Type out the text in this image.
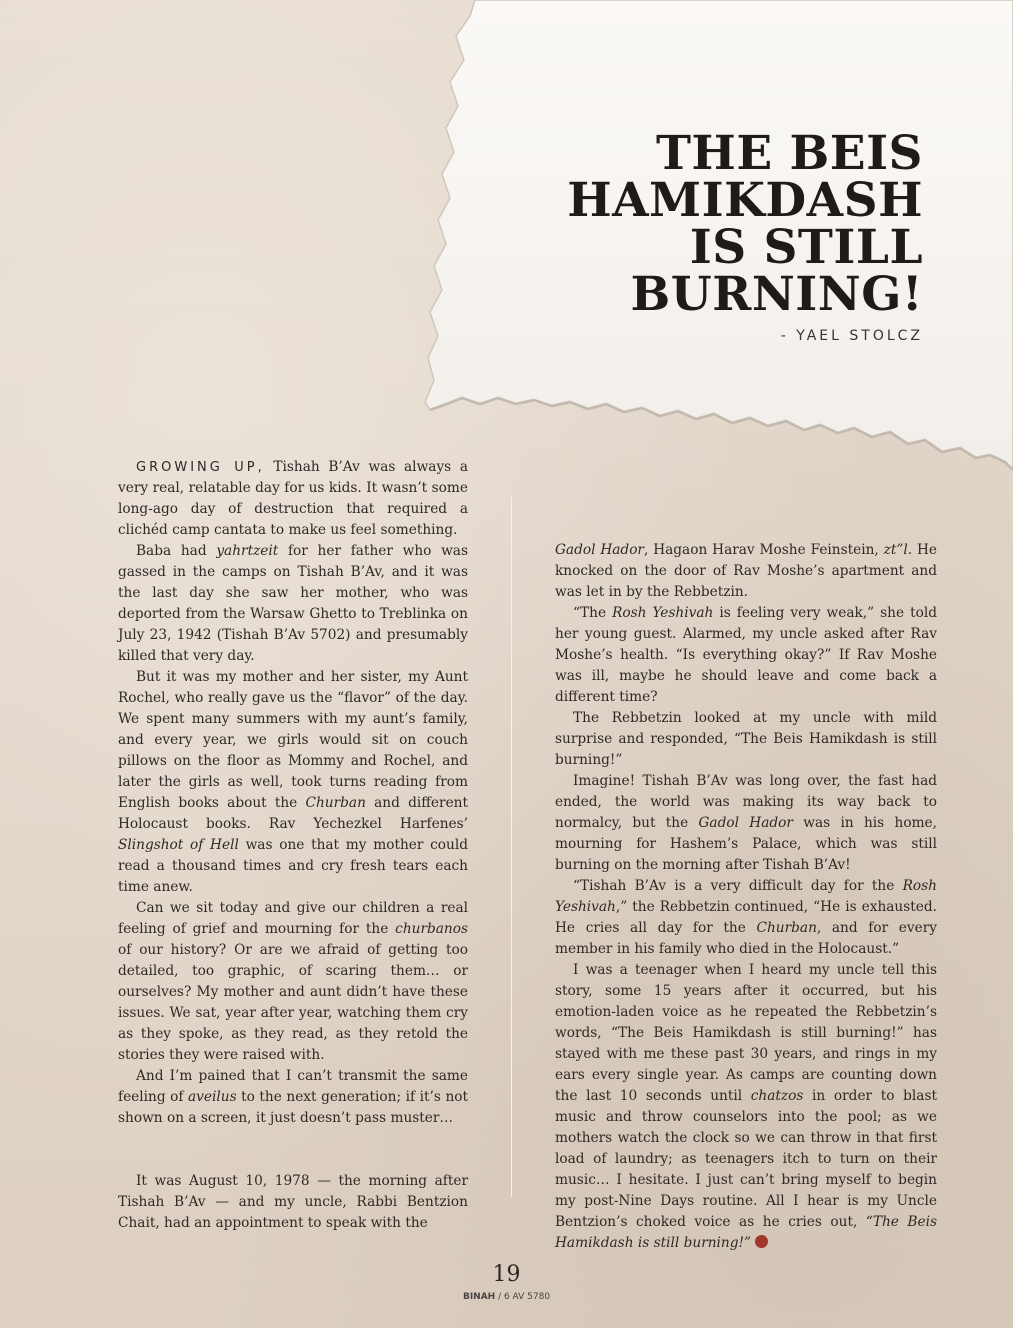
THE BEIS
HAMIKDASH
IS STILL
BURNING!
- YAEL STOLCZ

GROWING UP, Tishah B’Av was always a very real, relatable day for us kids. It wasn’t some long-ago day of destruction that required a clichéd camp cantata to make us feel something.

Baba had yahrtzeit for her father who was gassed in the camps on Tishah B’Av, and it was the last day she saw her mother, who was deported from the Warsaw Ghetto to Treblinka on July 23, 1942 (Tishah B’Av 5702) and presumably killed that very day.

But it was my mother and her sister, my Aunt Rochel, who really gave us the “flavor” of the day. We spent many summers with my aunt’s family, and every year, we girls would sit on couch pillows on the floor as Mommy and Rochel, and later the girls as well, took turns reading from English books about the Churban and different Holocaust books. Rav Yechezkel Harfenes’ Slingshot of Hell was one that my mother could read a thousand times and cry fresh tears each time anew.

Can we sit today and give our children a real feeling of grief and mourning for the churbanos of our history? Or are we afraid of getting too detailed, too graphic, of scaring them… or ourselves? My mother and aunt didn’t have these issues. We sat, year after year, watching them cry as they spoke, as they read, as they retold the stories they were raised with.

And I’m pained that I can’t transmit the same feeling of aveilus to the next generation; if it’s not shown on a screen, it just doesn’t pass muster…

It was August 10, 1978 — the morning after Tishah B’Av — and my uncle, Rabbi Bentzion Chait, had an appointment to speak with the

Gadol Hador, Hagaon Harav Moshe Feinstein, zt”l. He knocked on the door of Rav Moshe’s apartment and was let in by the Rebbetzin.

“The Rosh Yeshivah is feeling very weak,” she told her young guest. Alarmed, my uncle asked after Rav Moshe’s health. “Is everything okay?” If Rav Moshe was ill, maybe he should leave and come back a different time?

The Rebbetzin looked at my uncle with mild surprise and responded, “The Beis Hamikdash is still burning!”

Imagine! Tishah B’Av was long over, the fast had ended, the world was making its way back to normalcy, but the Gadol Hador was in his home, mourning for Hashem’s Palace, which was still burning on the morning after Tishah B’Av!

“Tishah B’Av is a very difficult day for the Rosh Yeshivah,” the Rebbetzin continued, “He is exhausted. He cries all day for the Churban, and for every member in his family who died in the Holocaust.”

I was a teenager when I heard my uncle tell this story, some 15 years after it occurred, but his emotion-laden voice as he repeated the Rebbetzin’s words, “The Beis Hamikdash is still burning!” has stayed with me these past 30 years, and rings in my ears every single year. As camps are counting down the last 10 seconds until chatzos in order to blast music and throw counselors into the pool; as we mothers watch the clock so we can throw in that first load of laundry; as teenagers itch to turn on their music… I hesitate. I just can’t bring myself to begin my post-Nine Days routine. All I hear is my Uncle Bentzion’s choked voice as he cries out, “The Beis Hamikdash is still burning!”

19
BINAH / 6 AV 5780
